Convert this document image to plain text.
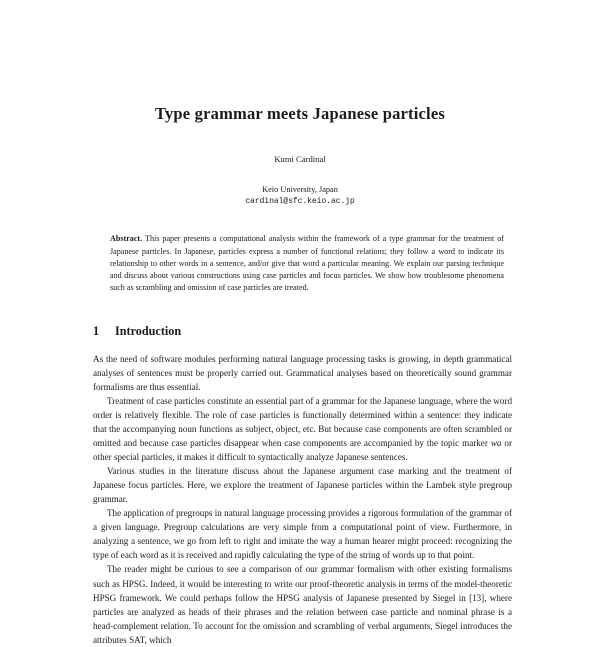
Type grammar meets Japanese particles
Kumi Cardinal
Keio University, Japan
cardinal@sfc.keio.ac.jp
Abstract. This paper presents a computational analysis within the framework of a type grammar for the treatment of Japanese particles. In Japanese, particles express a number of functional relations; they follow a word to indicate its relationship to other words in a sentence, and/or give that word a particular meaning. We explain our parsing technique and discuss about various constructions using case particles and focus particles. We show how troublesome phenomena such as scrambling and omission of case particles are treated.
1 Introduction

As the need of software modules performing natural language processing tasks is growing, in depth grammatical analyses of sentences must be properly carried out. Grammatical analyses based on theoretically sound grammar formalisms are thus essential.

Treatment of case particles constitute an essential part of a grammar for the Japanese language, where the word order is relatively flexible. The role of case particles is functionally determined within a sentence: they indicate that the accompanying noun functions as subject, object, etc. But because case components are often scrambled or omitted and because case particles disappear when case components are accompanied by the topic marker wa or other special particles, it makes it difficult to syntactically analyze Japanese sentences.

Various studies in the literature discuss about the Japanese argument case marking and the treatment of Japanese focus particles. Here, we explore the treatment of Japanese particles within the Lambek style pregroup grammar.

The application of pregroups in natural language processing provides a rigorous formulation of the grammar of a given language. Pregroup calculations are very simple from a computational point of view. Furthermore, in analyzing a sentence, we go from left to right and imitate the way a human hearer might proceed: recognizing the type of each word as it is received and rapidly calculating the type of the string of words up to that point.

The reader might be curious to see a comparison of our grammar formalism with other existing formalisms such as HPSG. Indeed, it would be interesting to write our proof-theoretic analysis in terms of the model-theoretic HPSG framework. We could perhaps follow the HPSG analysis of Japanese presented by Siegel in [13], where particles are analyzed as heads of their phrases and the relation between case particle and nominal phrase is a head-complement relation. To account for the omission and scrambling of verbal arguments, Siegel introduces the attributes SAT, which
